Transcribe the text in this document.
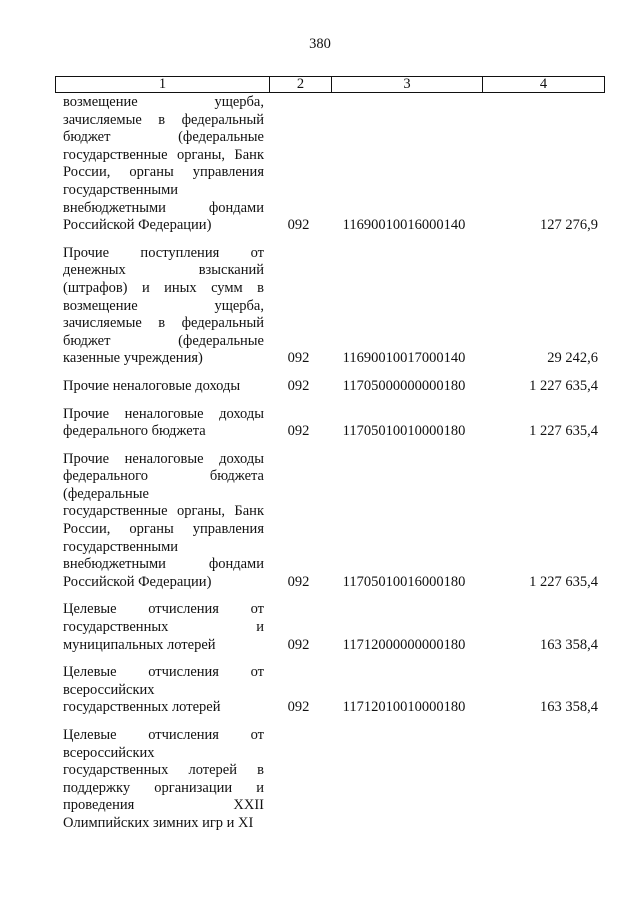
380
1	2	3	4
возмещение ущерба,
зачисляемые в федеральный
бюджет (федеральные
государственные органы, Банк
России, органы управления
государственными
внебюджетными фондами
Российской Федерации)	092	11690010016000140	127 276,9
Прочие поступления от
денежных взысканий
(штрафов) и иных сумм в
возмещение ущерба,
зачисляемые в федеральный
бюджет (федеральные
казенные учреждения)	092	11690010017000140	29 242,6
Прочие неналоговые доходы	092	11705000000000180	1 227 635,4
Прочие неналоговые доходы
федерального бюджета	092	11705010010000180	1 227 635,4
Прочие неналоговые доходы
федерального бюджета
(федеральные
государственные органы, Банк
России, органы управления
государственными
внебюджетными фондами
Российской Федерации)	092	11705010016000180	1 227 635,4
Целевые отчисления от
государственных и
муниципальных лотерей	092	11712000000000180	163 358,4
Целевые отчисления от
всероссийских
государственных лотерей	092	11712010010000180	163 358,4
Целевые отчисления от
всероссийских
государственных лотерей в
поддержку организации и
проведения XXII
Олимпийских зимних игр и XI
